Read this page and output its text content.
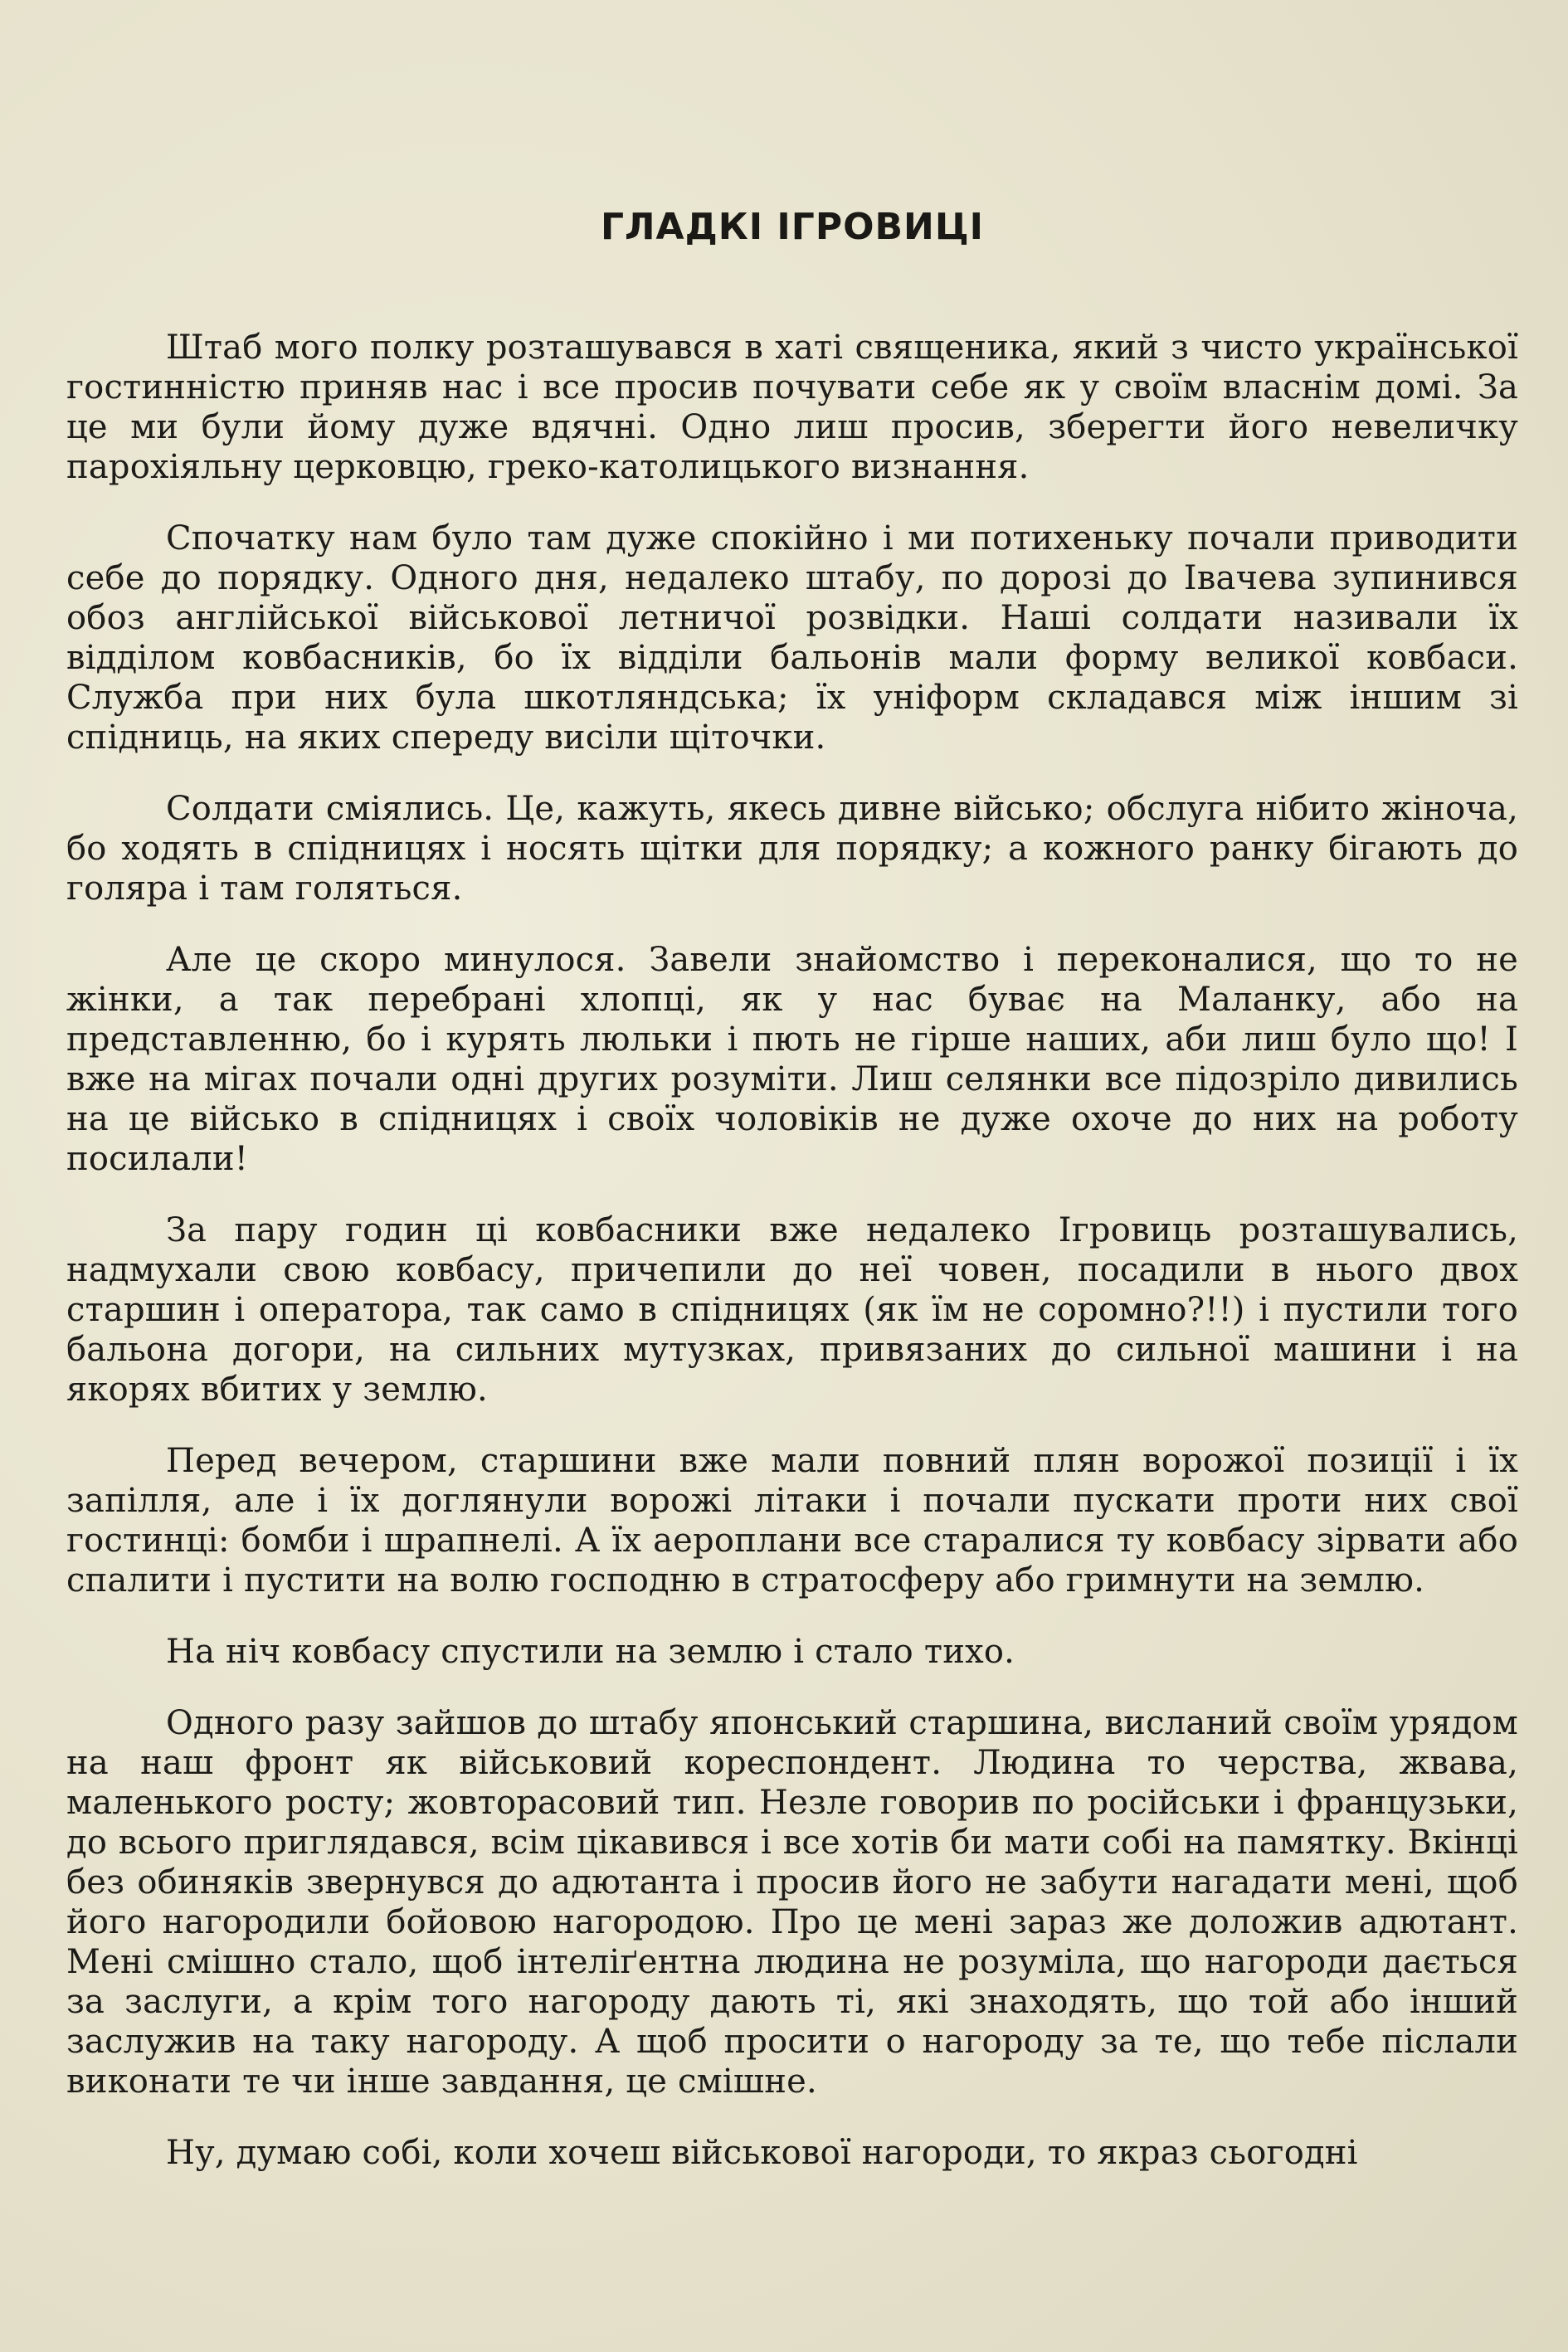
ГЛАДКІ ІГРОВИЦІ

Штаб мого полку розташувався в хаті священика, який з чисто української гостинністю приняв нас і все просив почувати себе як у своїм власнім домі. За це ми були йому дуже вдячні. Одно лиш просив, зберегти його невеличку парохіяльну церковцю, греко-католицького визнання.

Спочатку нам було там дуже спокійно і ми потихеньку почали приводити себе до порядку. Одного дня, недалеко штабу, по дорозі до Івачева зупинився обоз англійської військової летничої розвідки. Наші солдати називали їх відділом ковбасників, бо їх відділи бальонів мали форму великої ковбаси. Служба при них була шкотляндська; їх уніформ складався між іншим зі спідниць, на яких спереду висіли щіточки.

Солдати сміялись. Це, кажуть, якесь дивне військо; обслуга нібито жіноча, бо ходять в спідницях і носять щітки для порядку; а кожного ранку бігають до голяра і там голяться.

Але це скоро минулося. Завели знайомство і переконалися, що то не жінки, а так перебрані хлопці, як у нас буває на Маланку, або на представленню, бо і курять люльки і пють не гірше наших, аби лиш було що! І вже на мігах почали одні других розуміти. Лиш селянки все підозріло дивились на це військо в спідницях і своїх чоловіків не дуже охоче до них на роботу посилали!

За пару годин ці ковбасники вже недалеко Ігровиць розташувались, надмухали свою ковбасу, причепили до неї човен, посадили в нього двох старшин і оператора, так само в спідницях (як їм не соромно?!!) і пустили того бальона догори, на сильних мутузках, привязаних до сильної машини і на якорях вбитих у землю.

Перед вечером, старшини вже мали повний плян ворожої позиції і їх запілля, але і їх доглянули ворожі літаки і почали пускати проти них свої гостинці: бомби і шрапнелі. А їх аероплани все старалися ту ковбасу зірвати або спалити і пустити на волю господню в стратосферу або гримнути на землю.

На ніч ковбасу спустили на землю і стало тихо.

Одного разу зайшов до штабу японський старшина, висланий своїм урядом на наш фронт як військовий кореспондент. Людина то черства, жвава, маленького росту; жовторасовий тип. Незле говорив по російськи і французьки, до всього приглядався, всім цікавився і все хотів би мати собі на памятку. Вкінці без обиняків звернувся до адютанта і просив його не забути нагадати мені, щоб його нагородили бойовою нагородою. Про це мені зараз же доложив адютант. Мені смішно стало, щоб інтеліґентна людина не розуміла, що нагороди дається за заслуги, а крім того нагороду дають ті, які знаходять, що той або інший заслужив на таку нагороду. А щоб просити о нагороду за те, що тебе післали виконати те чи інше завдання, це смішне.

Ну, думаю собі, коли хочеш військової нагороди, то якраз сьогодні
